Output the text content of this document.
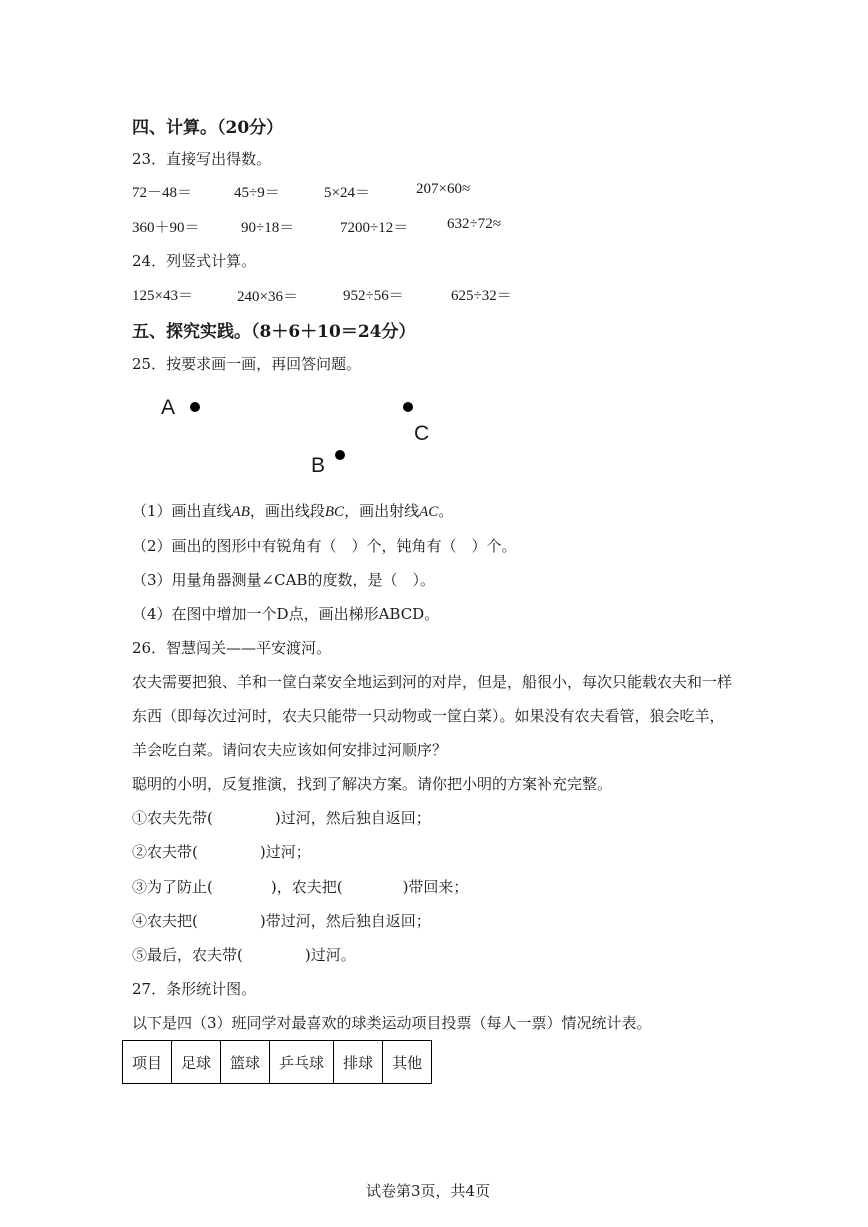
四、计算。（20分）
23．直接写出得数。
72－48＝	45÷9＝	5×24＝	207×60≈
360＋90＝	90÷18＝	7200÷12＝	632÷72≈
24．列竖式计算。
125×43＝	240×36＝	952÷56＝	625÷32＝
五、探究实践。（8＋6＋10＝24分）
25．按要求画一画，再回答问题。
A
C
B
（1）画出直线AB，画出线段BC，画出射线AC。
（2）画出的图形中有锐角有（　）个，钝角有（　）个。
（3）用量角器测量∠CAB的度数，是（　）。
（4）在图中增加一个D点，画出梯形ABCD。
26．智慧闯关——平安渡河。
农夫需要把狼、羊和一筐白菜安全地运到河的对岸，但是，船很小，每次只能载农夫和一样
东西（即每次过河时，农夫只能带一只动物或一筐白菜）。如果没有农夫看管，狼会吃羊，
羊会吃白菜。请问农夫应该如何安排过河顺序？
聪明的小明，反复推演，找到了解决方案。请你把小明的方案补充完整。
①农夫先带(	)过河，然后独自返回；
②农夫带(	)过河；
③为了防止(	)，农夫把(	)带回来；
④农夫把(	)带过河，然后独自返回；
⑤最后，农夫带(	)过河。
27．条形统计图。
以下是四（3）班同学对最喜欢的球类运动项目投票（每人一票）情况统计表。
项目	足球	篮球	乒乓球	排球	其他
试卷第3页，共4页
